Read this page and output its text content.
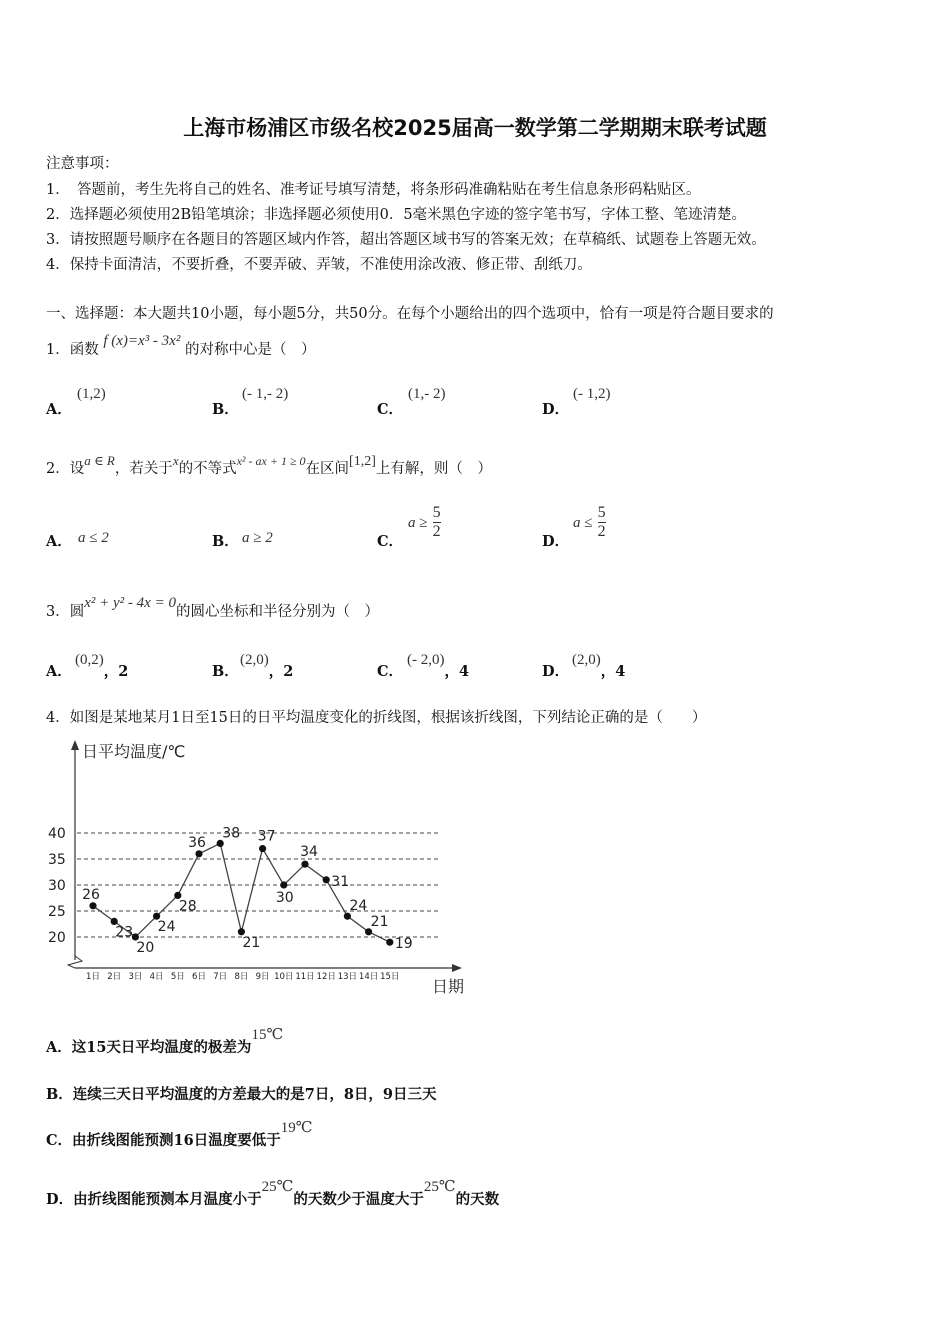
上海市杨浦区市级名校2025届高一数学第二学期期末联考试题
注意事项：
1．　答题前，考生先将自己的姓名、准考证号填写清楚，将条形码准确粘贴在考生信息条形码粘贴区。
2．选择题必须使用2B铅笔填涂；非选择题必须使用0．5毫米黑色字迹的签字笔书写，字体工整、笔迹清楚。
3．请按照题号顺序在各题目的答题区域内作答，超出答题区域书写的答案无效；在草稿纸、试题卷上答题无效。
4．保持卡面清洁，不要折叠，不要弄破、弄皱，不准使用涂改液、修正带、刮纸刀。
一、选择题：本大题共10小题，每小题5分，共50分。在每个小题给出的四个选项中，恰有一项是符合题目要求的
1．函数 f (x)=x³ - 3x² 的对称中心是（　）
A．
(1,2)
B．
(- 1,- 2)
C．
(1,- 2)
D．
(- 1,2)
2．设a ∈ R，若关于x的不等式$^{x^2 - ax + 1 \ge 0}$在区间[1,2]上有解，则（　）
A． a ≤ 2	B． a ≥ 2	C．
$a \ge \frac{5}{2}$
D．
$a \le \frac{5}{2}$
3．圆x² + y² - 4x = 0的圆心坐标和半径分别为（　）
A．
(0,2)，2	B．
(2,0)，2	C．
(- 2,0)，4	D．
(2,0)，4
4．如图是某地某月1日至15日的日平均温度变化的折线图，根据该折线图，下列结论正确的是（　　）
日平均温度/℃
日期
20
25
30
35
40
1日 2日 3日 4日 5日 6日 7日 8日 9日 10日 11日 12日 13日 14日 15日
26
23
20
24
28
36
38
21
37
30
34
31
24
21
19
A．这15天日平均温度的极差为15℃
B．连续三天日平均温度的方差最大的是7日，8日，9日三天
C．由折线图能预测16日温度要低于19℃
D．由折线图能预测本月温度小于25℃的天数少于温度大于25℃的天数
